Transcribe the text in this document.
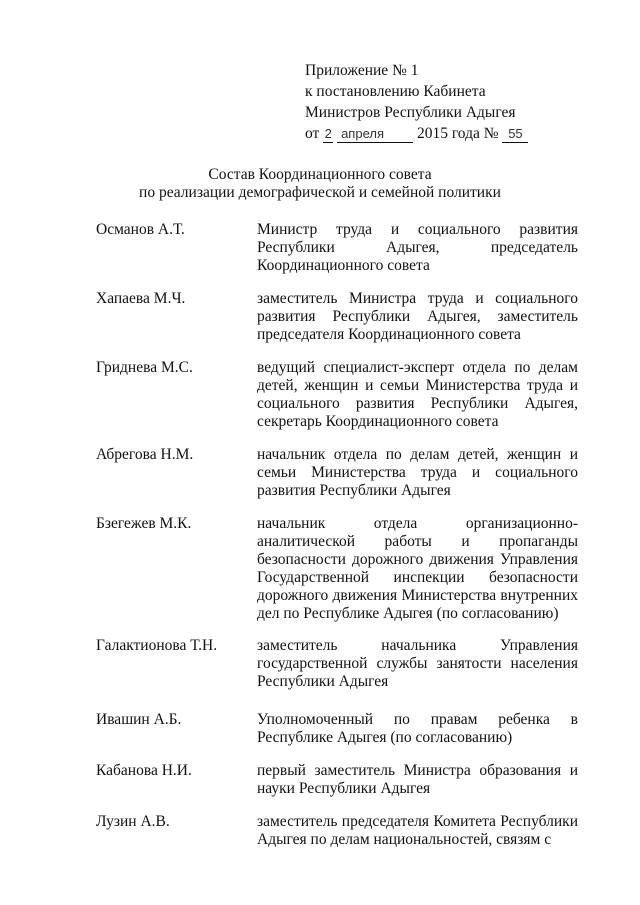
Приложение № 1
к постановлению Кабинета
Министров Республики Адыгея
от 2 апреля 2015 года № 55
Состав Координационного совета
по реализации демографической и семейной политики
Османов А.Т.	Министр труда и социального развития Республики Адыгея, председатель Координационного совета
Хапаева М.Ч.	заместитель Министра труда и социального развития Республики Адыгея, заместитель председателя Координационного совета
Гриднева М.С.	ведущий специалист-эксперт отдела по делам детей, женщин и семьи Министерства труда и социального развития Республики Адыгея, секретарь Координационного совета
Абрегова Н.М.	начальник отдела по делам детей, женщин и семьи Министерства труда и социального развития Республики Адыгея
Бзегежев М.К.	начальник отдела организационно-аналитической работы и пропаганды безопасности дорожного движения Управления Государственной инспекции безопасности дорожного движения Министерства внутренних дел по Республике Адыгея (по согласованию)
Галактионова Т.Н.	заместитель начальника Управления государственной службы занятости населения Республики Адыгея
Ивашин А.Б.	Уполномоченный по правам ребенка в Республике Адыгея (по согласованию)
Кабанова Н.И.	первый заместитель Министра образования и науки Республики Адыгея
Лузин А.В.	заместитель председателя Комитета Республики Адыгея по делам национальностей, связям с
